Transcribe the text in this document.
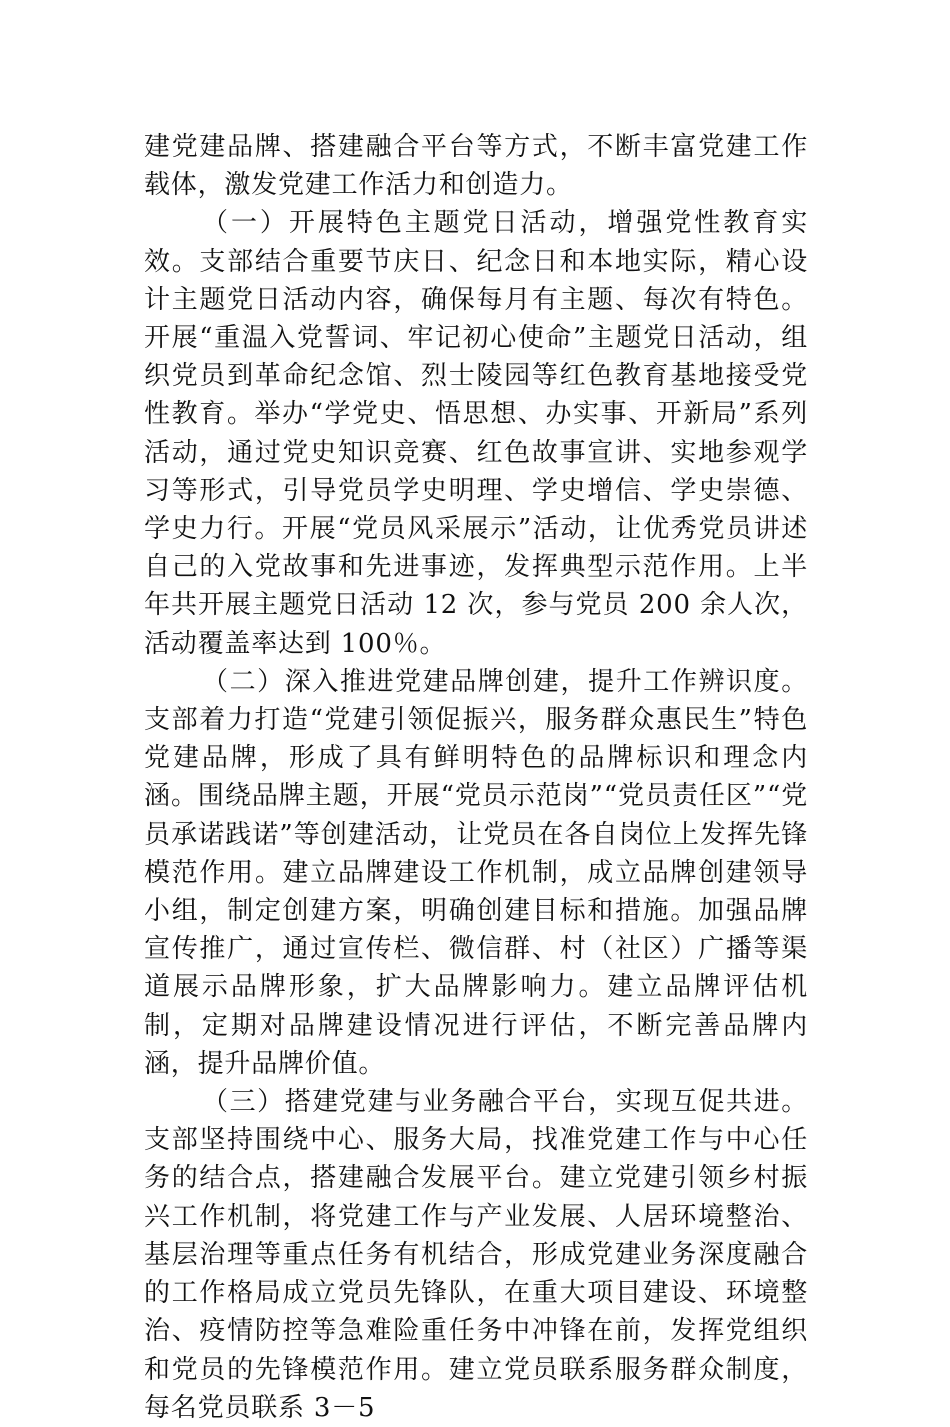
建党建品牌、搭建融合平台等方式，不断丰富党建工作载体，激发党建工作活力和创造力。

（一）开展特色主题党日活动，增强党性教育实效。支部结合重要节庆日、纪念日和本地实际，精心设计主题党日活动内容，确保每月有主题、每次有特色。开展“重温入党誓词、牢记初心使命”主题党日活动，组织党员到革命纪念馆、烈士陵园等红色教育基地接受党性教育。举办“学党史、悟思想、办实事、开新局”系列活动，通过党史知识竞赛、红色故事宣讲、实地参观学习等形式，引导党员学史明理、学史增信、学史崇德、学史力行。开展“党员风采展示”活动，让优秀党员讲述自己的入党故事和先进事迹，发挥典型示范作用。上半年共开展主题党日活动 12 次，参与党员 200 余人次，活动覆盖率达到 100％。

（二）深入推进党建品牌创建，提升工作辨识度。支部着力打造“党建引领促振兴，服务群众惠民生”特色党建品牌，形成了具有鲜明特色的品牌标识和理念内涵。围绕品牌主题，开展“党员示范岗”“党员责任区”“党员承诺践诺”等创建活动，让党员在各自岗位上发挥先锋模范作用。建立品牌建设工作机制，成立品牌创建领导小组，制定创建方案，明确创建目标和措施。加强品牌宣传推广，通过宣传栏、微信群、村（社区）广播等渠道展示品牌形象，扩大品牌影响力。建立品牌评估机制，定期对品牌建设情况进行评估，不断完善品牌内涵，提升品牌价值。

（三）搭建党建与业务融合平台，实现互促共进。支部坚持围绕中心、服务大局，找准党建工作与中心任务的结合点，搭建融合发展平台。建立党建引领乡村振兴工作机制，将党建工作与产业发展、人居环境整治、基层治理等重点任务有机结合，形成党建业务深度融合的工作格局成立党员先锋队，在重大项目建设、环境整治、疫情防控等急难险重任务中冲锋在前，发挥党组织和党员的先锋模范作用。建立党员联系服务群众制度，每名党员联系 3－5
